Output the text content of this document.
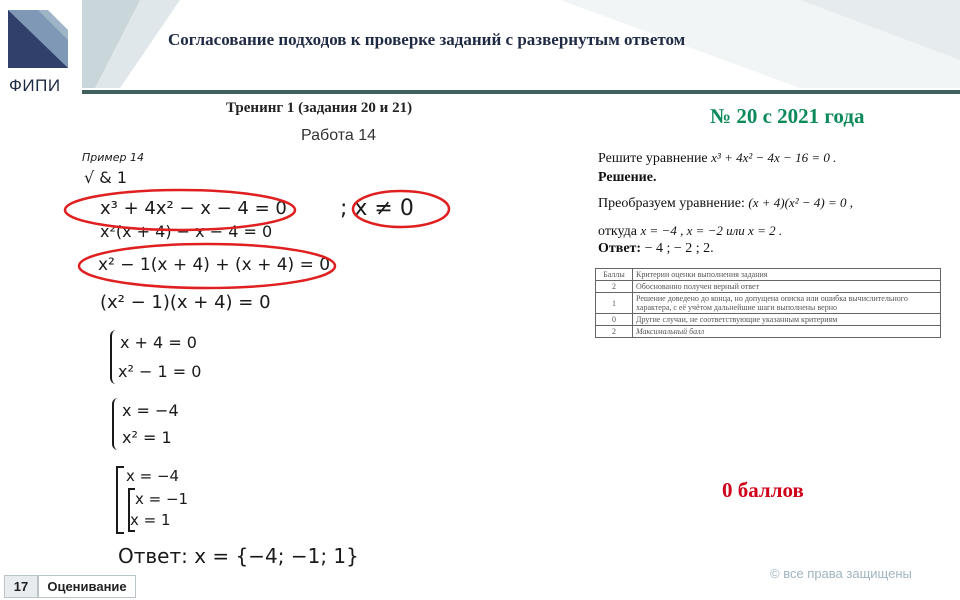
ФИПИ
Согласование подходов к проверке заданий с развернутым ответом
Тренинг 1 (задания 20 и 21)
Работа 14
Пример 14
√ & 1
x³ + 4x² − x − 4 = 0
x²(x + 4) − x − 4 = 0
x² − 1(x + 4) + (x + 4) = 0
(x² − 1)(x + 4) = 0
x + 4 = 0
x² − 1 = 0
x = −4
x² = 1
x = −4
x = −1
x = 1
Ответ: x = {−4; −1; 1}
; x ≠ 0
№ 20 с 2021 года
Решите уравнение x³ + 4x² − 4x − 16 = 0 .
Решение.
Преобразуем уравнение: (x + 4)(x² − 4) = 0 ,
откуда x = −4 , x = −2 или x = 2 .
Ответ: − 4 ; − 2 ; 2.
Баллы	Критерии оценки выполнения задания
2	Обоснованно получен верный ответ
1	Решение доведено до конца, но допущена описка или ошибка вычислительного характера, с её учётом дальнейшие шаги выполнены верно
0	Другие случаи, не соответствующие указанным критериям
2	Максимальный балл
0 баллов
© все права защищены
17	Оценивание
